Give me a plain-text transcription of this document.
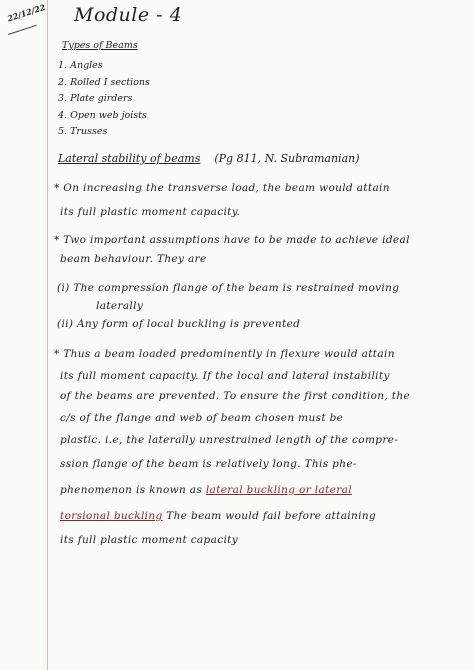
22/12/22 Module - 4
Types of Beams
1. Angles
2. Rolled I sections
3. Plate girders
4. Open web joists
5. Trusses
Lateral stability of beams (Pg 811, N. Subramanian)
* On increasing the transverse load, the beam would attain
its full plastic moment capacity.
* Two important assumptions have to be made to achieve ideal
beam behaviour. They are
(i) The compression flange of the beam is restrained moving
laterally
(ii) Any form of local buckling is prevented
* Thus a beam loaded predominently in flexure would attain
its full moment capacity. If the local and lateral instability
of the beams are prevented. To ensure the first condition, the
c/s of the flange and web of beam chosen must be
plastic. i.e, the laterally unrestrained length of the compre-
ssion flange of the beam is relatively long. This phe-
phenomenon is known as lateral buckling or lateral
torsional buckling The beam would fail before attaining
its full plastic moment capacity
